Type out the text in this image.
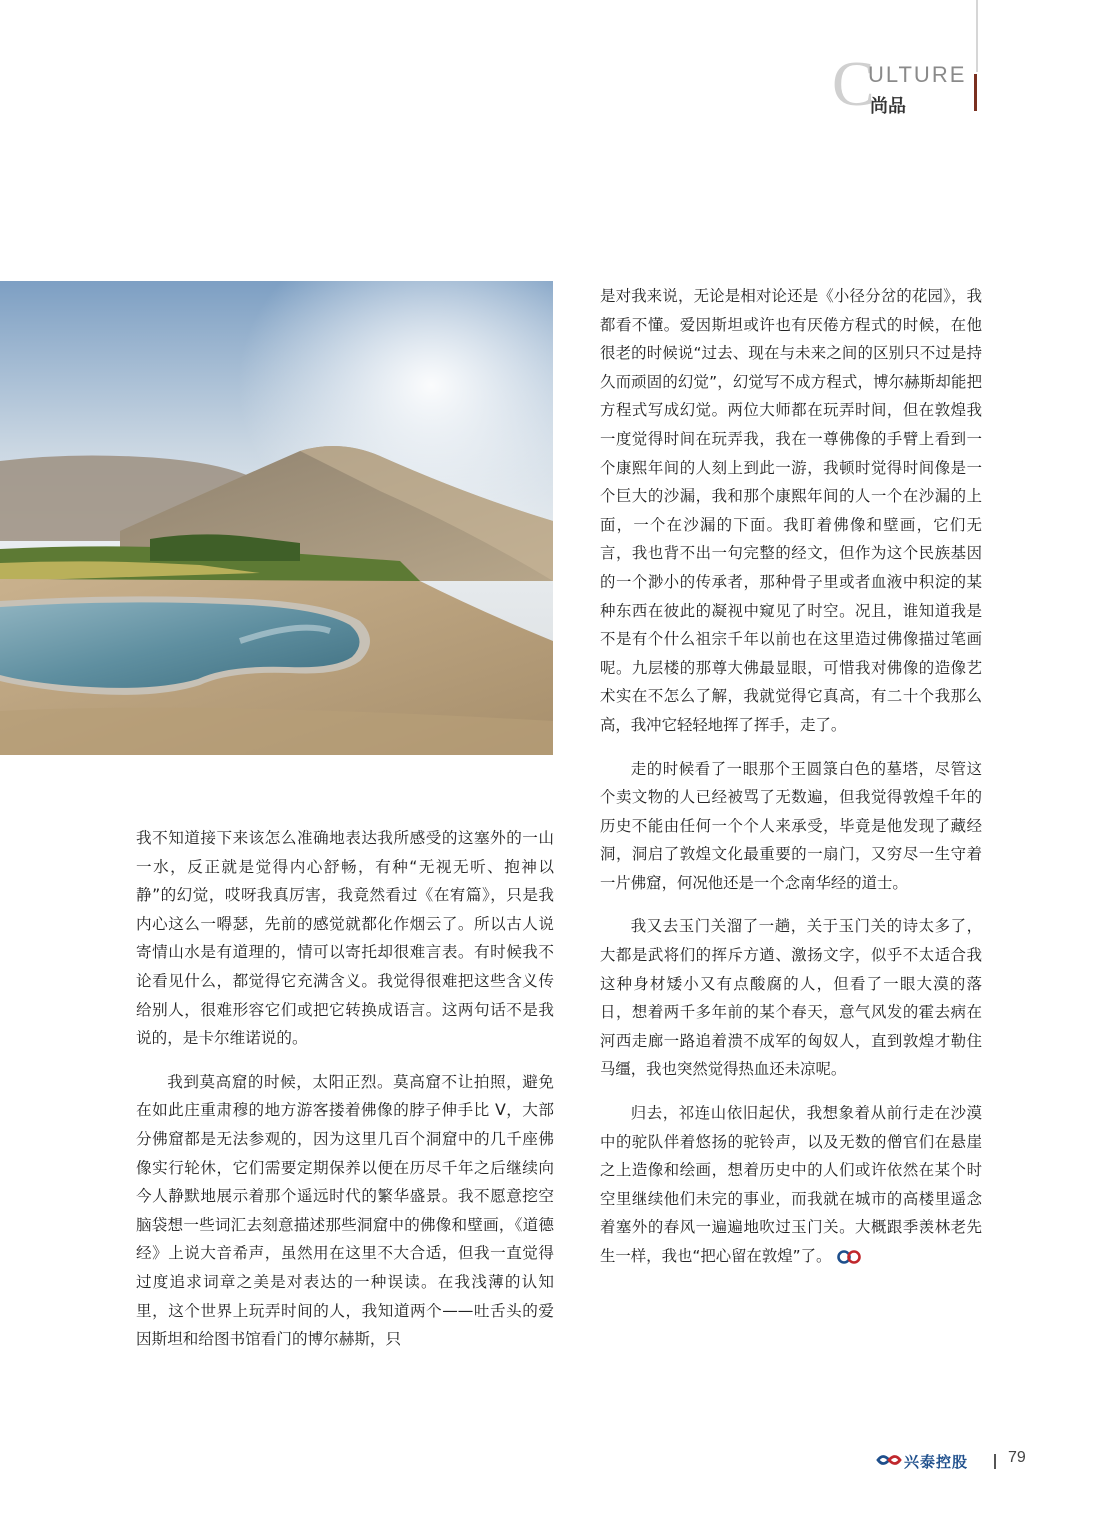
C
ULTURE
尚品

是对我来说，无论是相对论还是《小径分岔的花园》，我都看不懂。爱因斯坦或许也有厌倦方程式的时候，在他很老的时候说“过去、现在与未来之间的区别只不过是持久而顽固的幻觉”，幻觉写不成方程式，博尔赫斯却能把方程式写成幻觉。两位大师都在玩弄时间，但在敦煌我一度觉得时间在玩弄我，我在一尊佛像的手臂上看到一个康熙年间的人刻上到此一游，我顿时觉得时间像是一个巨大的沙漏，我和那个康熙年间的人一个在沙漏的上面，一个在沙漏的下面。我盯着佛像和壁画，它们无言，我也背不出一句完整的经文，但作为这个民族基因的一个渺小的传承者，那种骨子里或者血液中积淀的某种东西在彼此的凝视中窥见了时空。况且，谁知道我是不是有个什么祖宗千年以前也在这里造过佛像描过笔画呢。九层楼的那尊大佛最显眼，可惜我对佛像的造像艺术实在不怎么了解，我就觉得它真高，有二十个我那么高，我冲它轻轻地挥了挥手，走了。

走的时候看了一眼那个王圆箓白色的墓塔，尽管这个卖文物的人已经被骂了无数遍，但我觉得敦煌千年的历史不能由任何一个个人来承受，毕竟是他发现了藏经洞，洞启了敦煌文化最重要的一扇门，又穷尽一生守着一片佛窟，何况他还是一个念南华经的道士。

我又去玉门关溜了一趟，关于玉门关的诗太多了，大都是武将们的挥斥方遒、激扬文字，似乎不太适合我这种身材矮小又有点酸腐的人，但看了一眼大漠的落日，想着两千多年前的某个春天，意气风发的霍去病在河西走廊一路追着溃不成军的匈奴人，直到敦煌才勒住马缰，我也突然觉得热血还未凉呢。

归去，祁连山依旧起伏，我想象着从前行走在沙漠中的驼队伴着悠扬的驼铃声，以及无数的僧官们在悬崖之上造像和绘画，想着历史中的人们或许依然在某个时空里继续他们未完的事业，而我就在城市的高楼里遥念着塞外的春风一遍遍地吹过玉门关。大概跟季羡林老先生一样，我也“把心留在敦煌”了。

我不知道接下来该怎么准确地表达我所感受的这塞外的一山一水，反正就是觉得内心舒畅，有种“无视无听、抱神以静”的幻觉，哎呀我真厉害，我竟然看过《在宥篇》，只是我内心这么一嘚瑟，先前的感觉就都化作烟云了。所以古人说寄情山水是有道理的，情可以寄托却很难言表。有时候我不论看见什么，都觉得它充满含义。我觉得很难把这些含义传给别人，很难形容它们或把它转换成语言。这两句话不是我说的，是卡尔维诺说的。

我到莫高窟的时候，太阳正烈。莫高窟不让拍照，避免在如此庄重肃穆的地方游客搂着佛像的脖子伸手比 V，大部分佛窟都是无法参观的，因为这里几百个洞窟中的几千座佛像实行轮休，它们需要定期保养以便在历尽千年之后继续向今人静默地展示着那个遥远时代的繁华盛景。我不愿意挖空脑袋想一些词汇去刻意描述那些洞窟中的佛像和壁画，《道德经》上说大音希声，虽然用在这里不大合适，但我一直觉得过度追求词章之美是对表达的一种误读。在我浅薄的认知里，这个世界上玩弄时间的人，我知道两个——吐舌头的爱因斯坦和给图书馆看门的博尔赫斯，只

兴泰控股 79
